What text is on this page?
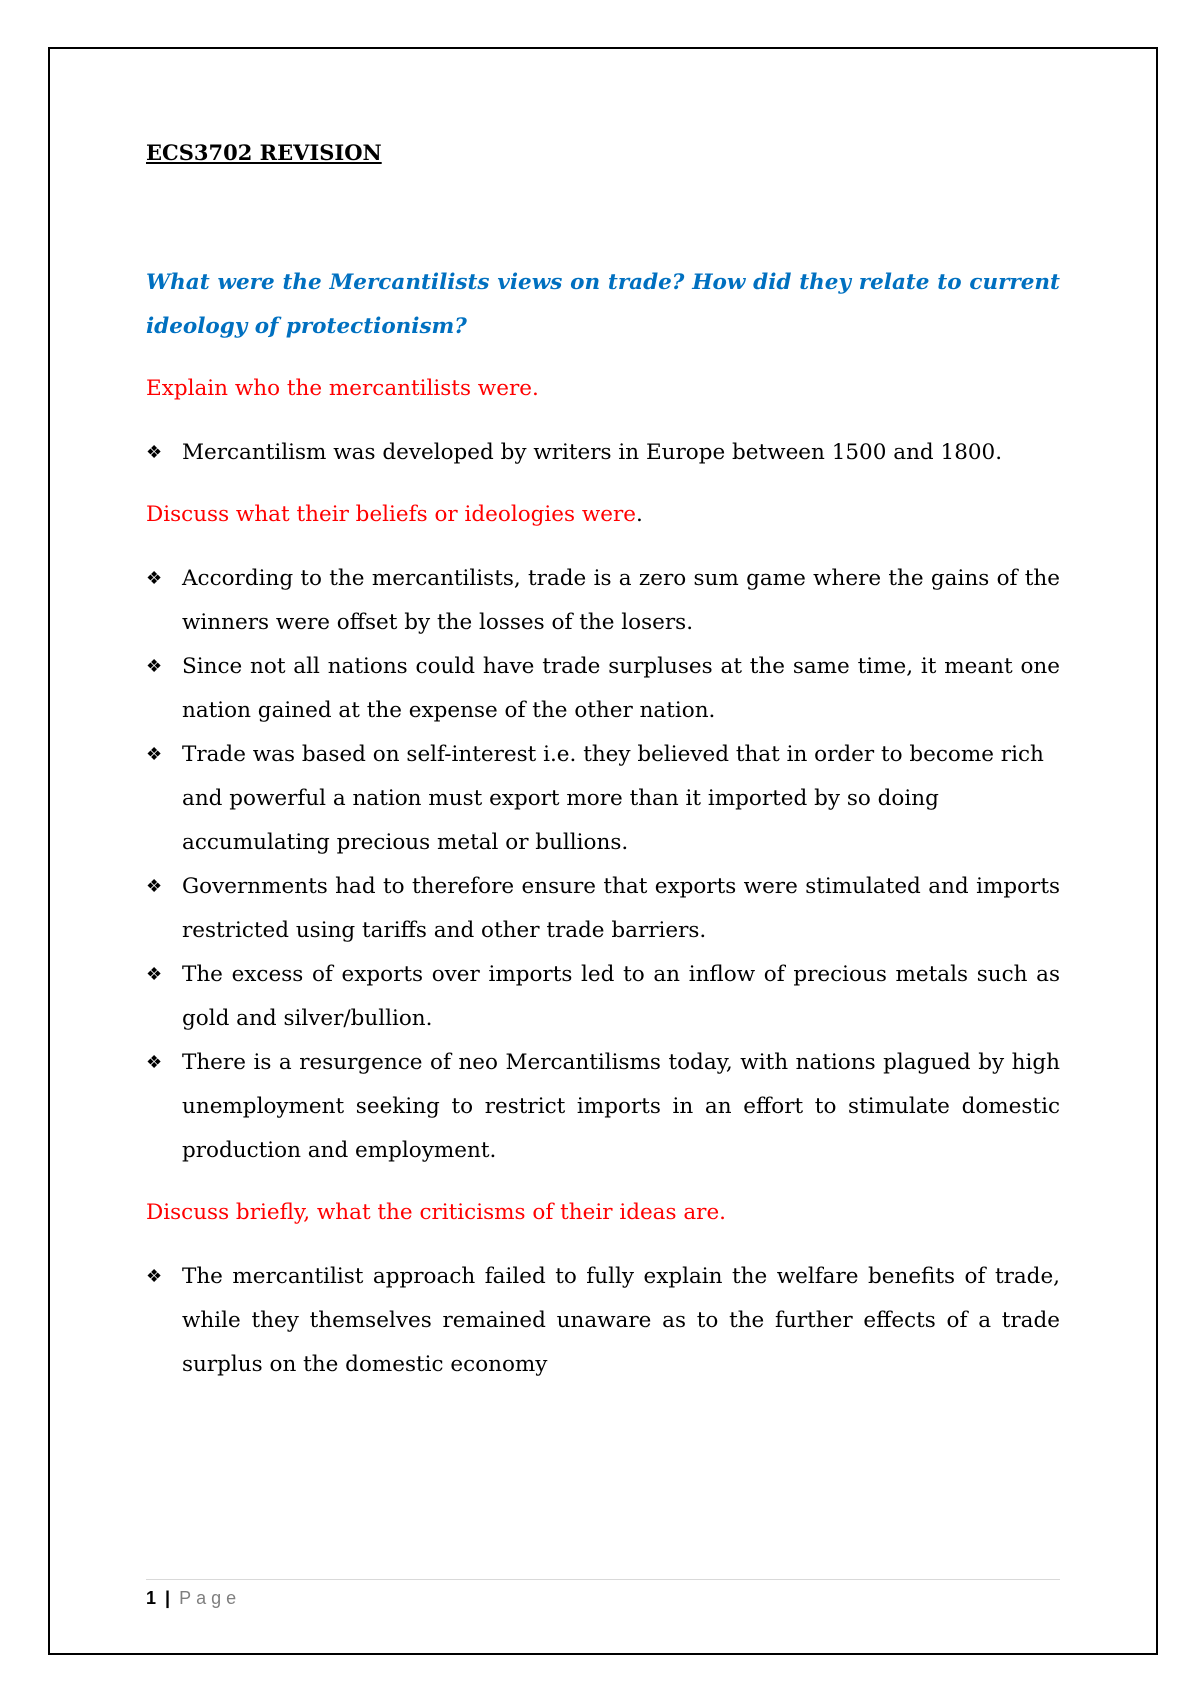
ECS3702 REVISION
What were the Mercantilists views on trade? How did they relate to current ideology of protectionism?
Explain who the mercantilists were.
❖ Mercantilism was developed by writers in Europe between 1500 and 1800.
Discuss what their beliefs or ideologies were.
❖ According to the mercantilists, trade is a zero sum game where the gains of the winners were offset by the losses of the losers.
❖ Since not all nations could have trade surpluses at the same time, it meant one nation gained at the expense of the other nation.
❖ Trade was based on self-interest i.e. they believed that in order to become rich and powerful a nation must export more than it imported by so doing accumulating precious metal or bullions.
❖ Governments had to therefore ensure that exports were stimulated and imports restricted using tariffs and other trade barriers.
❖ The excess of exports over imports led to an inflow of precious metals such as gold and silver/bullion.
❖ There is a resurgence of neo Mercantilisms today, with nations plagued by high unemployment seeking to restrict imports in an effort to stimulate domestic production and employment.
Discuss briefly, what the criticisms of their ideas are.
❖ The mercantilist approach failed to fully explain the welfare benefits of trade, while they themselves remained unaware as to the further effects of a trade surplus on the domestic economy
1 | Page
